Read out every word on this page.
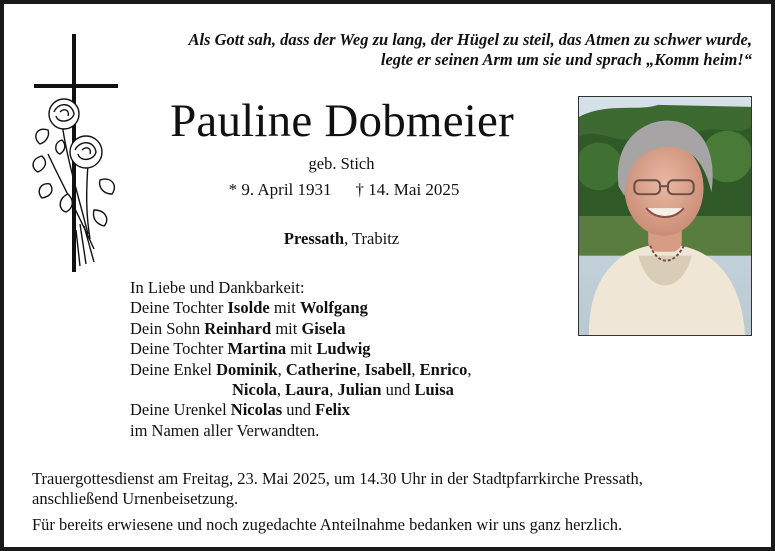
Als Gott sah, dass der Weg zu lang, der Hügel zu steil, das Atmen zu schwer wurde,
legte er seinen Arm um sie und sprach „Komm heim!“
Pauline Dobmeier
geb. Stich
* 9. April 1931 † 14. Mai 2025
Pressath, Trabitz
In Liebe und Dankbarkeit:
Deine Tochter Isolde mit Wolfgang
Dein Sohn Reinhard mit Gisela
Deine Tochter Martina mit Ludwig
Deine Enkel Dominik, Catherine, Isabell, Enrico,
Nicola, Laura, Julian und Luisa
Deine Urenkel Nicolas und Felix
im Namen aller Verwandten.
Trauergottesdienst am Freitag, 23. Mai 2025, um 14.30 Uhr in der Stadtpfarrkirche Pressath,
anschließend Urnenbeisetzung.
Für bereits erwiesene und noch zugedachte Anteilnahme bedanken wir uns ganz herzlich.
